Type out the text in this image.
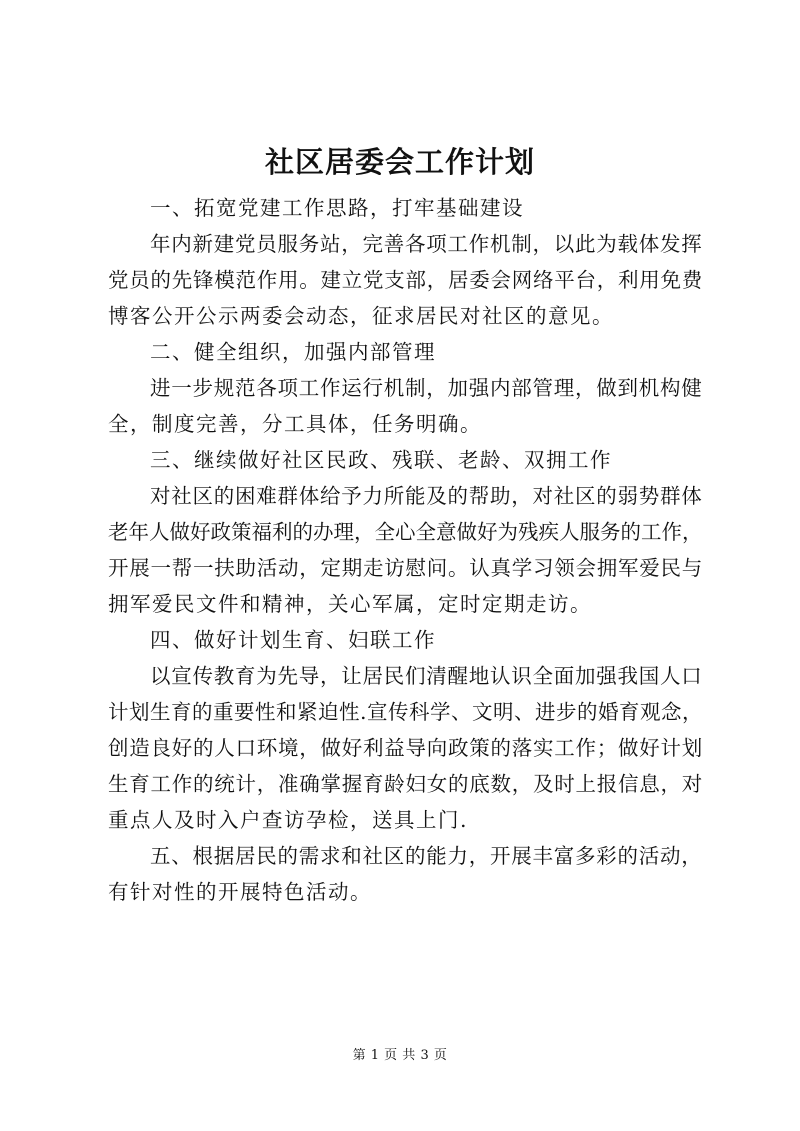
社区居委会工作计划
一、拓宽党建工作思路，打牢基础建设
年内新建党员服务站，完善各项工作机制，以此为载体发挥
党员的先锋模范作用。建立党支部，居委会网络平台，利用免费
博客公开公示两委会动态，征求居民对社区的意见。
二、健全组织，加强内部管理
进一步规范各项工作运行机制，加强内部管理，做到机构健
全，制度完善，分工具体，任务明确。
三、继续做好社区民政、残联、老龄、双拥工作
对社区的困难群体给予力所能及的帮助，对社区的弱势群体
老年人做好政策福利的办理，全心全意做好为残疾人服务的工作，
开展一帮一扶助活动，定期走访慰问。认真学习领会拥军爱民与
拥军爱民文件和精神，关心军属，定时定期走访。
四、做好计划生育、妇联工作
以宣传教育为先导，让居民们清醒地认识全面加强我国人口
计划生育的重要性和紧迫性.宣传科学、文明、进步的婚育观念，
创造良好的人口环境，做好利益导向政策的落实工作；做好计划
生育工作的统计，准确掌握育龄妇女的底数，及时上报信息，对
重点人及时入户查访孕检，送具上门.
五、根据居民的需求和社区的能力，开展丰富多彩的活动，
有针对性的开展特色活动。
第 1 页 共 3 页
